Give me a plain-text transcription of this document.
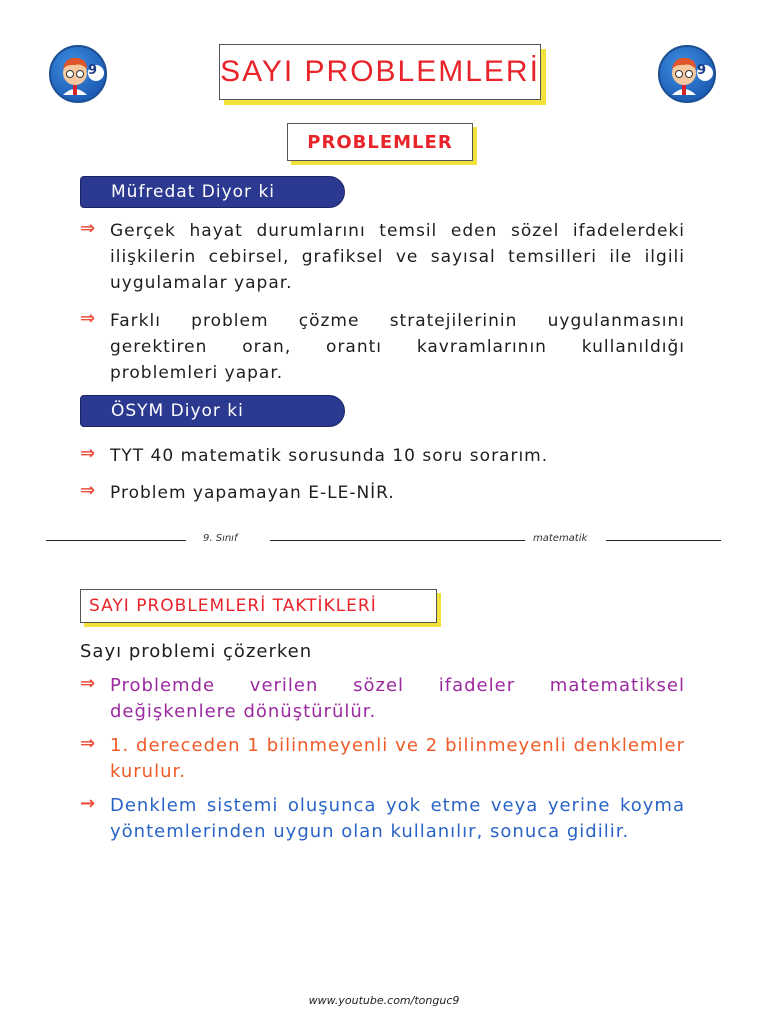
9	9
SAYI PROBLEMLERİ
PROBLEMLER
Müfredat Diyor ki
⇒ Gerçek hayat durumlarını temsil eden sözel ifadelerdeki ilişkilerin cebirsel, grafiksel ve sayısal temsilleri ile ilgili uygulamalar yapar.
⇒ Farklı problem çözme stratejilerinin uygulanmasını gerektiren oran, orantı kavramlarının kullanıldığı problemleri yapar.
ÖSYM Diyor ki
⇒ TYT 40 matematik sorusunda 10 soru sorarım.
⇒ Problem yapamayan E-LE-NİR.
9. Sınıf	matematik
SAYI PROBLEMLERİ TAKTİKLERİ
Sayı problemi çözerken
⇒ Problemde verilen sözel ifadeler matematiksel değişkenlere dönüştürülür.
⇒ 1. dereceden 1 bilinmeyenli ve 2 bilinmeyenli denklemler kurulur.
→ Denklem sistemi oluşunca yok etme veya yerine koyma yöntemlerinden uygun olan kullanılır, sonuca gidilir.
www.youtube.com/tonguc9
